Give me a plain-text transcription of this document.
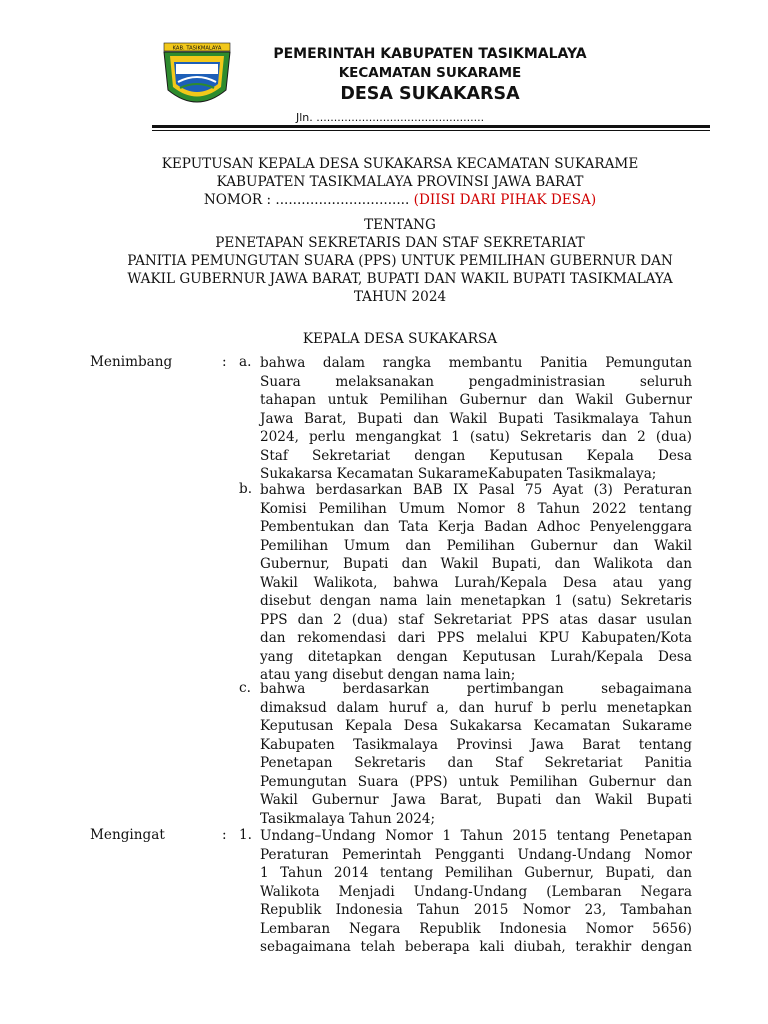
KAB. TASIKMALAYA	PEMERINTAH KABUPATEN TASIKMALAYA
KECAMATAN SUKARAME
DESA SUKAKARSA
Jln. ................................................
KEPUTUSAN KEPALA DESA SUKAKARSA KECAMATAN SUKARAME
KABUPATEN TASIKMALAYA PROVINSI JAWA BARAT
NOMOR : ............................... (DIISI DARI PIHAK DESA)
TENTANG
PENETAPAN SEKRETARIS DAN STAF SEKRETARIAT
PANITIA PEMUNGUTAN SUARA (PPS) UNTUK PEMILIHAN GUBERNUR DAN
WAKIL GUBERNUR JAWA BARAT, BUPATI DAN WAKIL BUPATI TASIKMALAYA
TAHUN 2024
KEPALA DESA SUKAKARSA
Menimbang	: a. bahwa dalam rangka membantu Panitia Pemungutan
Suara melaksanakan pengadministrasian seluruh
tahapan untuk Pemilihan Gubernur dan Wakil Gubernur
Jawa Barat, Bupati dan Wakil Bupati Tasikmalaya Tahun
2024, perlu mengangkat 1 (satu) Sekretaris dan 2 (dua)
Staf Sekretariat dengan Keputusan Kepala Desa
Sukakarsa Kecamatan SukarameKabupaten Tasikmalaya;
b. bahwa berdasarkan BAB IX Pasal 75 Ayat (3) Peraturan
Komisi Pemilihan Umum Nomor 8 Tahun 2022 tentang
Pembentukan dan Tata Kerja Badan Adhoc Penyelenggara
Pemilihan Umum dan Pemilihan Gubernur dan Wakil
Gubernur, Bupati dan Wakil Bupati, dan Walikota dan
Wakil Walikota, bahwa Lurah/Kepala Desa atau yang
disebut dengan nama lain menetapkan 1 (satu) Sekretaris
PPS dan 2 (dua) staf Sekretariat PPS atas dasar usulan
dan rekomendasi dari PPS melalui KPU Kabupaten/Kota
yang ditetapkan dengan Keputusan Lurah/Kepala Desa
atau yang disebut dengan nama lain;
c. bahwa berdasarkan pertimbangan sebagaimana
dimaksud dalam huruf a, dan huruf b perlu menetapkan
Keputusan Kepala Desa Sukakarsa Kecamatan Sukarame
Kabupaten Tasikmalaya Provinsi Jawa Barat tentang
Penetapan Sekretaris dan Staf Sekretariat Panitia
Pemungutan Suara (PPS) untuk Pemilihan Gubernur dan
Wakil Gubernur Jawa Barat, Bupati dan Wakil Bupati
Tasikmalaya Tahun 2024;
Mengingat	: 1. Undang–Undang Nomor 1 Tahun 2015 tentang Penetapan
Peraturan Pemerintah Pengganti Undang-Undang Nomor
1 Tahun 2014 tentang Pemilihan Gubernur, Bupati, dan
Walikota Menjadi Undang-Undang (Lembaran Negara
Republik Indonesia Tahun 2015 Nomor 23, Tambahan
Lembaran Negara Republik Indonesia Nomor 5656)
sebagaimana telah beberapa kali diubah, terakhir dengan
